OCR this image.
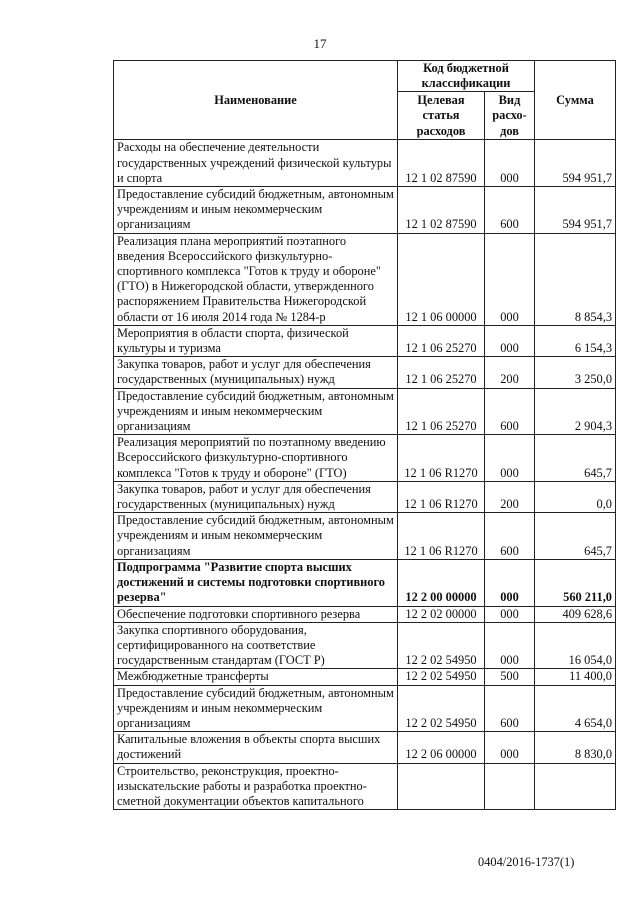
17
Наименование	Код бюджетной классификации		Сумма
	Целевая статья расходов	Вид расхо- дов	
Расходы на обеспечение деятельности государственных учреждений физической культуры и спорта	12 1 02 87590	000	594 951,7
Предоставление субсидий бюджетным, автономным учреждениям и иным некоммерческим организациям	12 1 02 87590	600	594 951,7
Реализация плана мероприятий поэтапного введения Всероссийского физкультурно-спортивного комплекса "Готов к труду и обороне" (ГТО) в Нижегородской области, утвержденного распоряжением Правительства Нижегородской области от 16 июля 2014 года № 1284-р	12 1 06 00000	000	8 854,3
Мероприятия в области спорта, физической культуры и туризма	12 1 06 25270	000	6 154,3
Закупка товаров, работ и услуг для обеспечения государственных (муниципальных) нужд	12 1 06 25270	200	3 250,0
Предоставление субсидий бюджетным, автономным учреждениям и иным некоммерческим организациям	12 1 06 25270	600	2 904,3
Реализация мероприятий по поэтапному введению Всероссийского физкультурно-спортивного комплекса "Готов к труду и обороне" (ГТО)	12 1 06 R1270	000	645,7
Закупка товаров, работ и услуг для обеспечения государственных (муниципальных) нужд	12 1 06 R1270	200	0,0
Предоставление субсидий бюджетным, автономным учреждениям и иным некоммерческим организациям	12 1 06 R1270	600	645,7
Подпрограмма "Развитие спорта высших достижений и системы подготовки спортивного резерва"	12 2 00 00000	000	560 211,0
Обеспечение подготовки спортивного резерва	12 2 02 00000	000	409 628,6
Закупка спортивного оборудования, сертифицированного на соответствие государственным стандартам (ГОСТ Р)	12 2 02 54950	000	16 054,0
Межбюджетные трансферты	12 2 02 54950	500	11 400,0
Предоставление субсидий бюджетным, автономным учреждениям и иным некоммерческим организациям	12 2 02 54950	600	4 654,0
Капитальные вложения в объекты спорта высших достижений	12 2 06 00000	000	8 830,0
Строительство, реконструкция, проектно-изыскательские работы и разработка проектно-сметной документации объектов капитального			
0404/2016-1737(1)
